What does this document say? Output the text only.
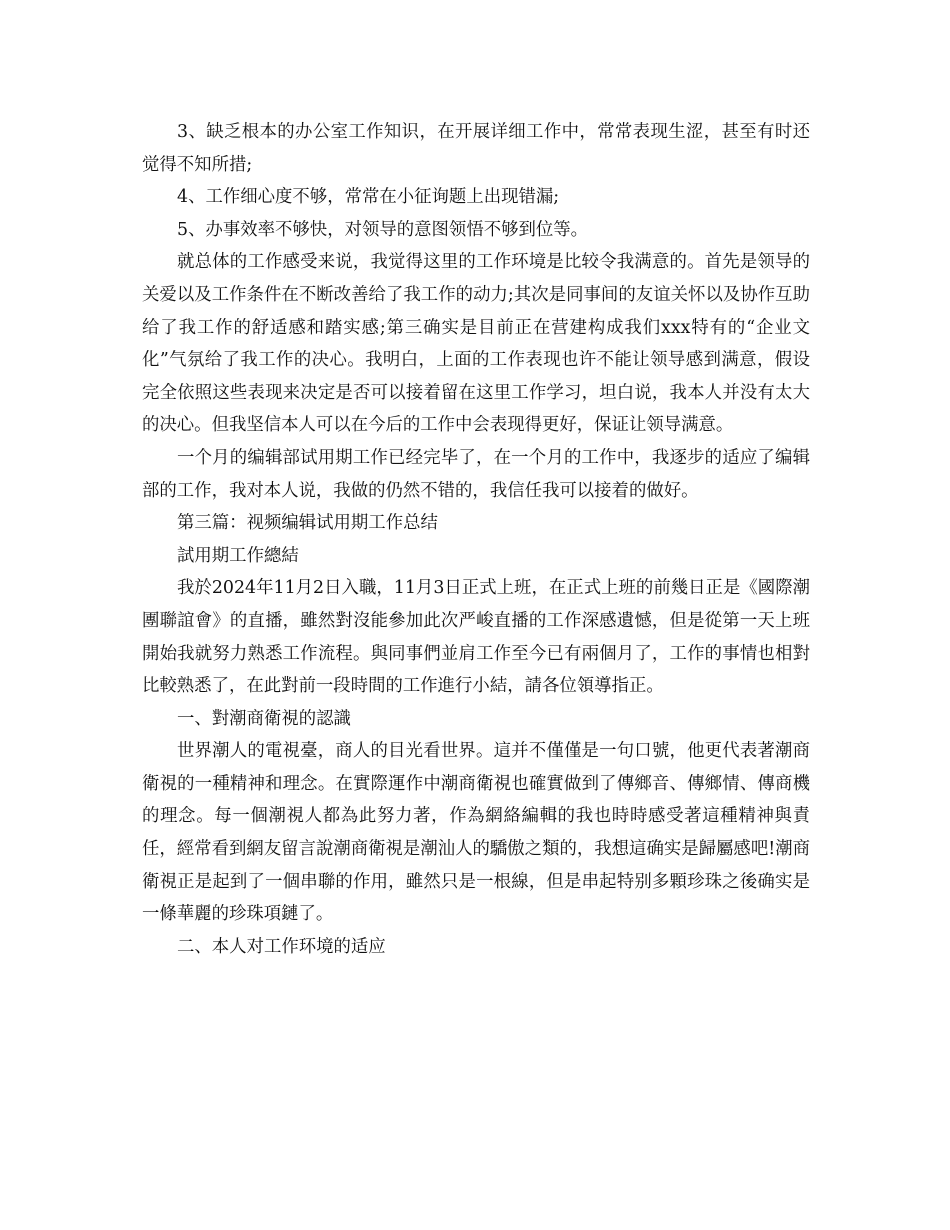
3、缺乏根本的办公室工作知识，在开展详细工作中，常常表现生涩，甚至有时还觉得不知所措;

4、工作细心度不够，常常在小征询题上出现错漏;

5、办事效率不够快，对领导的意图领悟不够到位等。

就总体的工作感受来说，我觉得这里的工作环境是比较令我满意的。首先是领导的关爱以及工作条件在不断改善给了我工作的动力;其次是同事间的友谊关怀以及协作互助给了我工作的舒适感和踏实感;第三确实是目前正在营建构成我们xxx特有的“企业文化”气氛给了我工作的决心。我明白，上面的工作表现也许不能让领导感到满意，假设完全依照这些表现来决定是否可以接着留在这里工作学习，坦白说，我本人并没有太大的决心。但我坚信本人可以在今后的工作中会表现得更好，保证让领导满意。

一个月的编辑部试用期工作已经完毕了，在一个月的工作中，我逐步的适应了编辑部的工作，我对本人说，我做的仍然不错的，我信任我可以接着的做好。

第三篇：视频编辑试用期工作总结

試用期工作總結

我於2024年11月2日入職，11月3日正式上班，在正式上班的前幾日正是《國際潮團聯誼會》的直播，雖然對沒能參加此次严峻直播的工作深感遺憾，但是從第一天上班開始我就努力熟悉工作流程。與同事們並肩工作至今已有兩個月了，工作的事情也相對比較熟悉了，在此對前一段時間的工作進行小結，請各位領導指正。

一、對潮商衛視的認識

世界潮人的電視臺，商人的目光看世界。這并不僅僅是一句口號，他更代表著潮商衛視的一種精神和理念。在實際運作中潮商衛視也確實做到了傳鄉音、傳鄉情、傳商機的理念。每一個潮視人都為此努力著，作為網絡編輯的我也時時感受著這種精神與責任，經常看到網友留言說潮商衛視是潮汕人的驕傲之類的，我想這确实是歸屬感吧!潮商衛視正是起到了一個串聯的作用，雖然只是一根線，但是串起特别多顆珍珠之後确实是一條華麗的珍珠項鏈了。

二、本人对工作环境的适应
